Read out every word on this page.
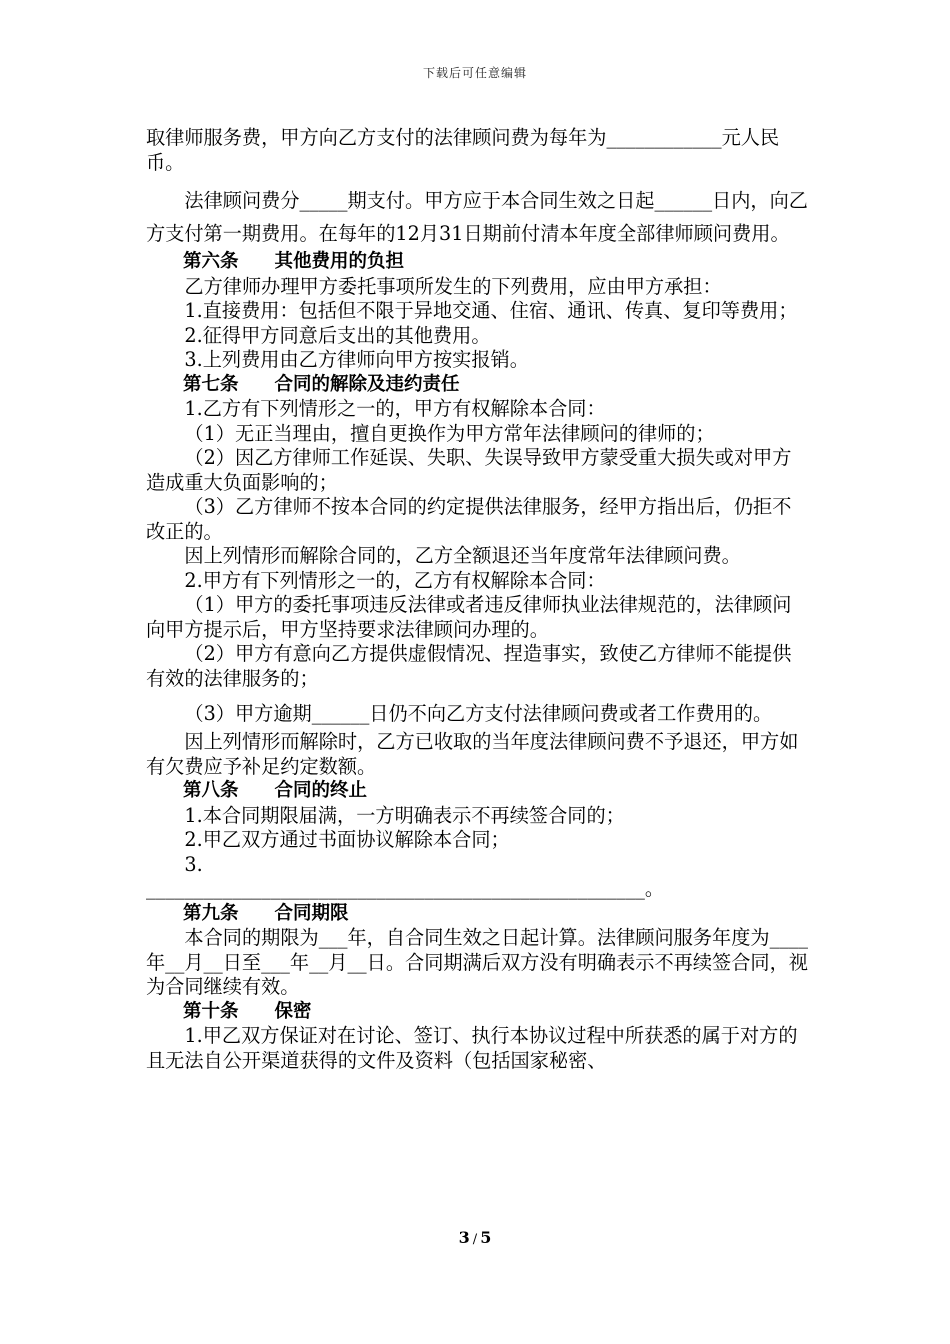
下载后可任意编辑

取律师服务费，甲方向乙方支付的法律顾问费为每年为____________元人民币。

法律顾问费分_____期支付。甲方应于本合同生效之日起______日内，向乙方支付第一期费用。在每年的12月31日期前付清本年度全部律师顾问费用。

第六条 其他费用的负担

乙方律师办理甲方委托事项所发生的下列费用，应由甲方承担：

1.直接费用：包括但不限于异地交通、住宿、通讯、传真、复印等费用；

2.征得甲方同意后支出的其他费用。

3.上列费用由乙方律师向甲方按实报销。

第七条 合同的解除及违约责任

1.乙方有下列情形之一的，甲方有权解除本合同：

（1）无正当理由，擅自更换作为甲方常年法律顾问的律师的；

（2）因乙方律师工作延误、失职、失误导致甲方蒙受重大损失或对甲方造成重大负面影响的；

（3）乙方律师不按本合同的约定提供法律服务，经甲方指出后，仍拒不改正的。

因上列情形而解除合同的，乙方全额退还当年度常年法律顾问费。

2.甲方有下列情形之一的，乙方有权解除本合同：

（1）甲方的委托事项违反法律或者违反律师执业法律规范的，法律顾问向甲方提示后，甲方坚持要求法律顾问办理的。

（2）甲方有意向乙方提供虚假情况、捏造事实，致使乙方律师不能提供有效的法律服务的；

（3）甲方逾期______日仍不向乙方支付法律顾问费或者工作费用的。

因上列情形而解除时，乙方已收取的当年度法律顾问费不予退还，甲方如有欠费应予补足约定数额。

第八条 合同的终止

1.本合同期限届满，一方明确表示不再续签合同的；

2.甲乙双方通过书面协议解除本合同；

3.

____________________________________________________。

第九条 合同期限

本合同的期限为___年，自合同生效之日起计算。法律顾问服务年度为____年__月__日至___年__月__日。合同期满后双方没有明确表示不再续签合同，视为合同继续有效。

第十条 保密

1.甲乙双方保证对在讨论、签订、执行本协议过程中所获悉的属于对方的且无法自公开渠道获得的文件及资料（包括国家秘密、

3 / 5
